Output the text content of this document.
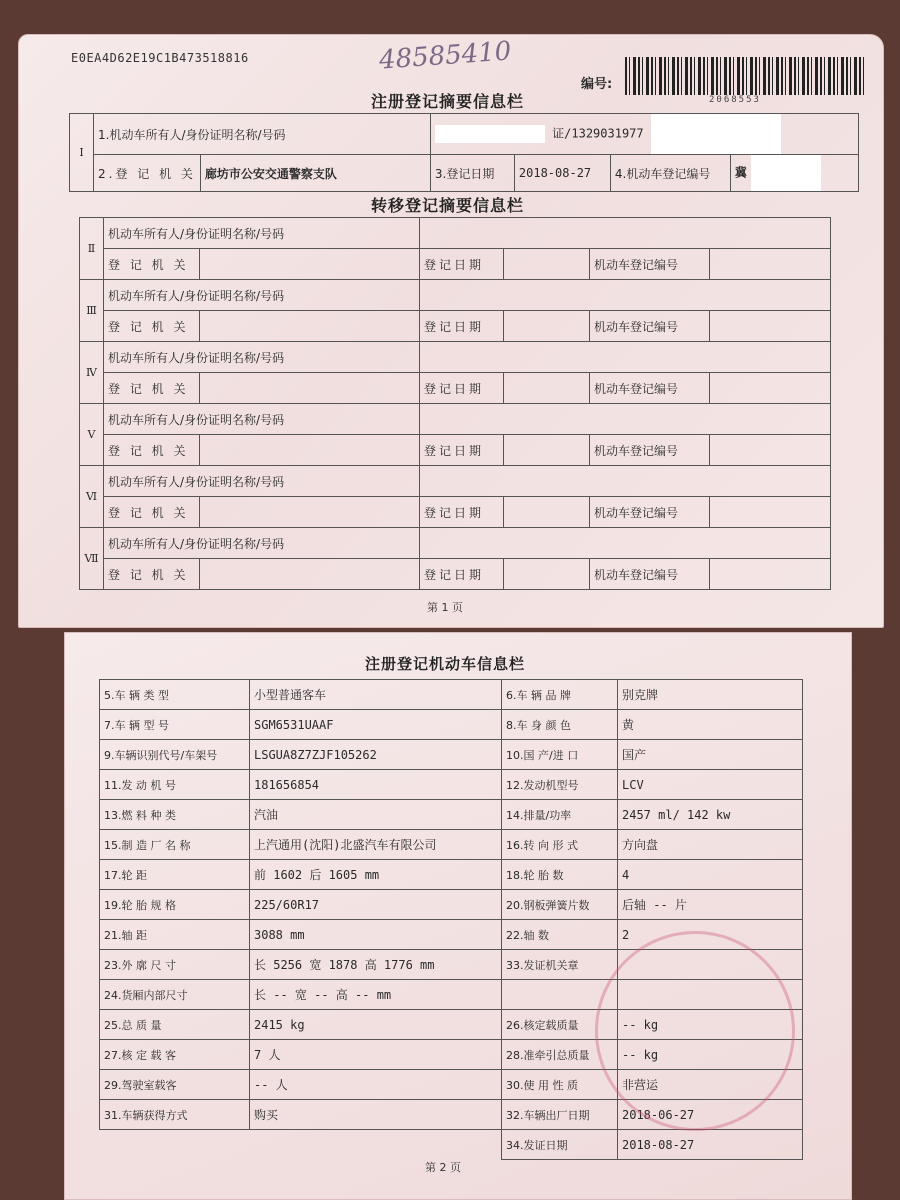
E0EA4D62E19C1B473518816	48585410
编号:
2068553
注册登记摘要信息栏
I	1.机动车所有人/身份证明名称/号码		证/1329031977			
	2.登 记 机 关	廊坊市公安交通警察支队	3.登记日期	2018-08-27	4.机动车登记编号	冀
转移登记摘要信息栏
Ⅱ	机动车所有人/身份证明名称/号码					
	登 记 机 关		登记日期		机动车登记编号	
Ⅲ	机动车所有人/身份证明名称/号码					
	登 记 机 关		登记日期		机动车登记编号	
Ⅳ	机动车所有人/身份证明名称/号码					
	登 记 机 关		登记日期		机动车登记编号	
Ⅴ	机动车所有人/身份证明名称/号码					
	登 记 机 关		登记日期		机动车登记编号	
Ⅵ	机动车所有人/身份证明名称/号码					
	登 记 机 关		登记日期		机动车登记编号	
Ⅶ	机动车所有人/身份证明名称/号码					
	登 记 机 关		登记日期		机动车登记编号	
第 1 页
注册登记机动车信息栏
5.车 辆 类 型	小型普通客车	6.车 辆 品 牌	别克牌
7.车 辆 型 号	SGM6531UAAF	8.车 身 颜 色	黄
9.车辆识别代号/车架号	LSGUA8Z7ZJF105262	10.国 产/进 口	国产
11.发 动 机 号	181656854	12.发动机型号	LCV
13.燃 料 种 类	汽油	14.排量/功率	2457 ml/ 142 kw
15.制 造 厂 名 称	上汽通用(沈阳)北盛汽车有限公司	16.转 向 形 式	方向盘
17.轮 距	前 1602 后 1605 mm	18.轮 胎 数	4
19.轮 胎 规 格	225/60R17	20.钢板弹簧片数	后轴 -- 片
21.轴 距	3088 mm	22.轴 数	2
23.外 廓 尺 寸	长 5256 宽 1878 高 1776 mm	33.发证机关章	
24.货厢内部尺寸	长 -- 宽 -- 高 -- mm		
25.总 质 量	2415 kg	26.核定载质量	-- kg
27.核 定 载 客	7 人	28.准牵引总质量	-- kg
29.驾驶室载客	-- 人	30.使 用 性 质	非营运
31.车辆获得方式	购买	32.车辆出厂日期	2018-06-27
		34.发证日期	2018-08-27
第 2 页
